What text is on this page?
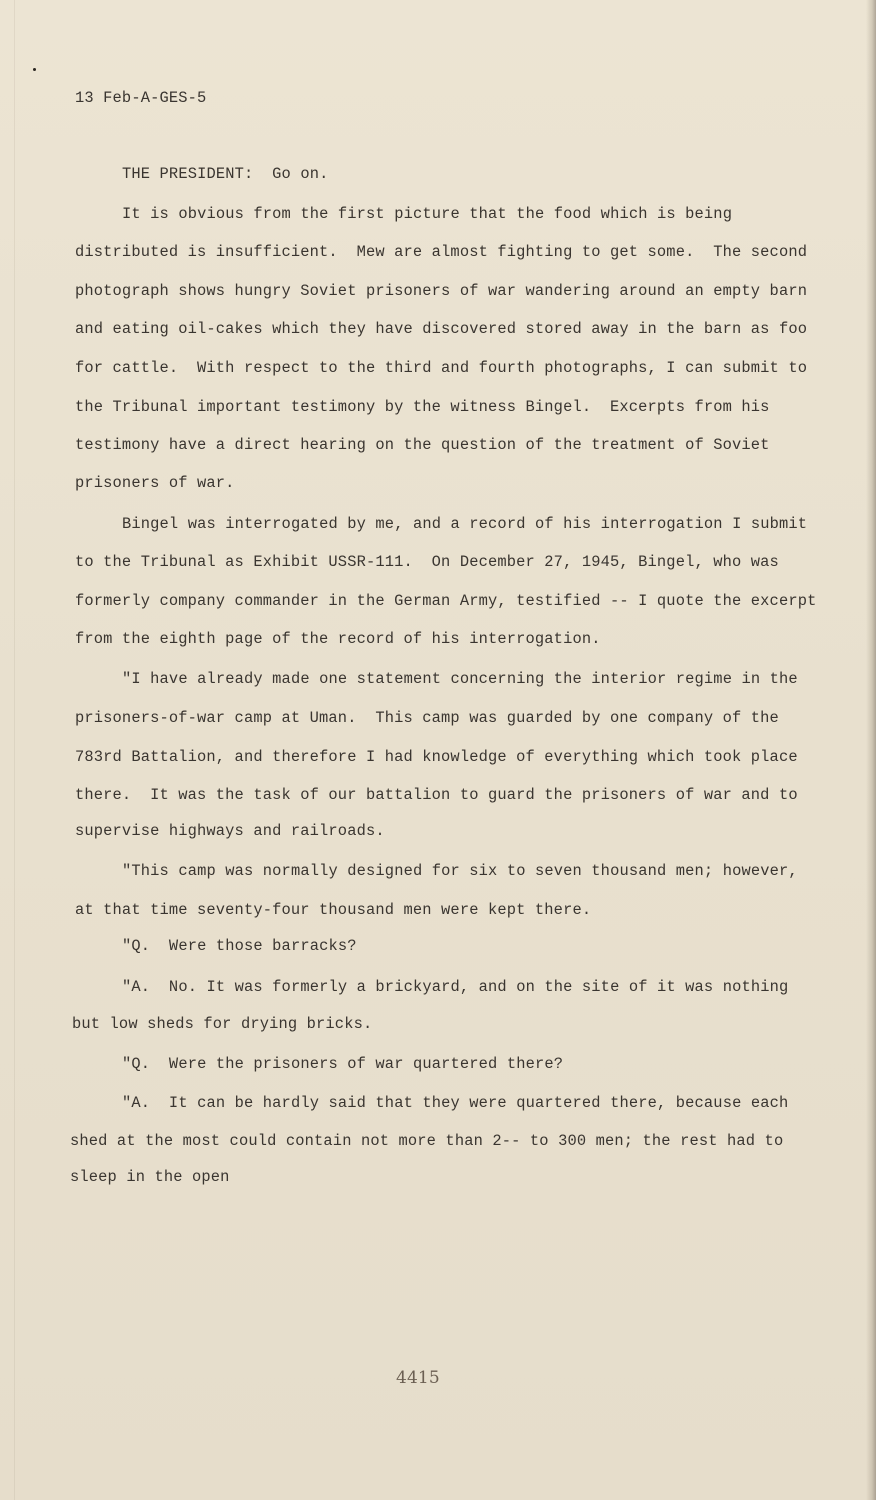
13 Feb-A-GES-5
THE PRESIDENT:  Go on.
It is obvious from the first picture that the food which is being
distributed is insufficient.  Mew are almost fighting to get some.  The second
photograph shows hungry Soviet prisoners of war wandering around an empty barn
and eating oil-cakes which they have discovered stored away in the barn as foo
for cattle.  With respect to the third and fourth photographs, I can submit to
the Tribunal important testimony by the witness Bingel.  Excerpts from his
testimony have a direct hearing on the question of the treatment of Soviet
prisoners of war.
Bingel was interrogated by me, and a record of his interrogation I submit
to the Tribunal as Exhibit USSR-111.  On December 27, 1945, Bingel, who was
formerly company commander in the German Army, testified -- I quote the excerpt
from the eighth page of the record of his interrogation.
"I have already made one statement concerning the interior regime in the
prisoners-of-war camp at Uman.  This camp was guarded by one company of the
783rd Battalion, and therefore I had knowledge of everything which took place
there.  It was the task of our battalion to guard the prisoners of war and to
supervise highways and railroads.
"This camp was normally designed for six to seven thousand men; however,
at that time seventy-four thousand men were kept there.
"Q.  Were those barracks?
"A.  No. It was formerly a brickyard, and on the site of it was nothing
but low sheds for drying bricks.
"Q.  Were the prisoners of war quartered there?
"A.  It can be hardly said that they were quartered there, because each
shed at the most could contain not more than 2-- to 300 men; the rest had to
sleep in the open
4415
